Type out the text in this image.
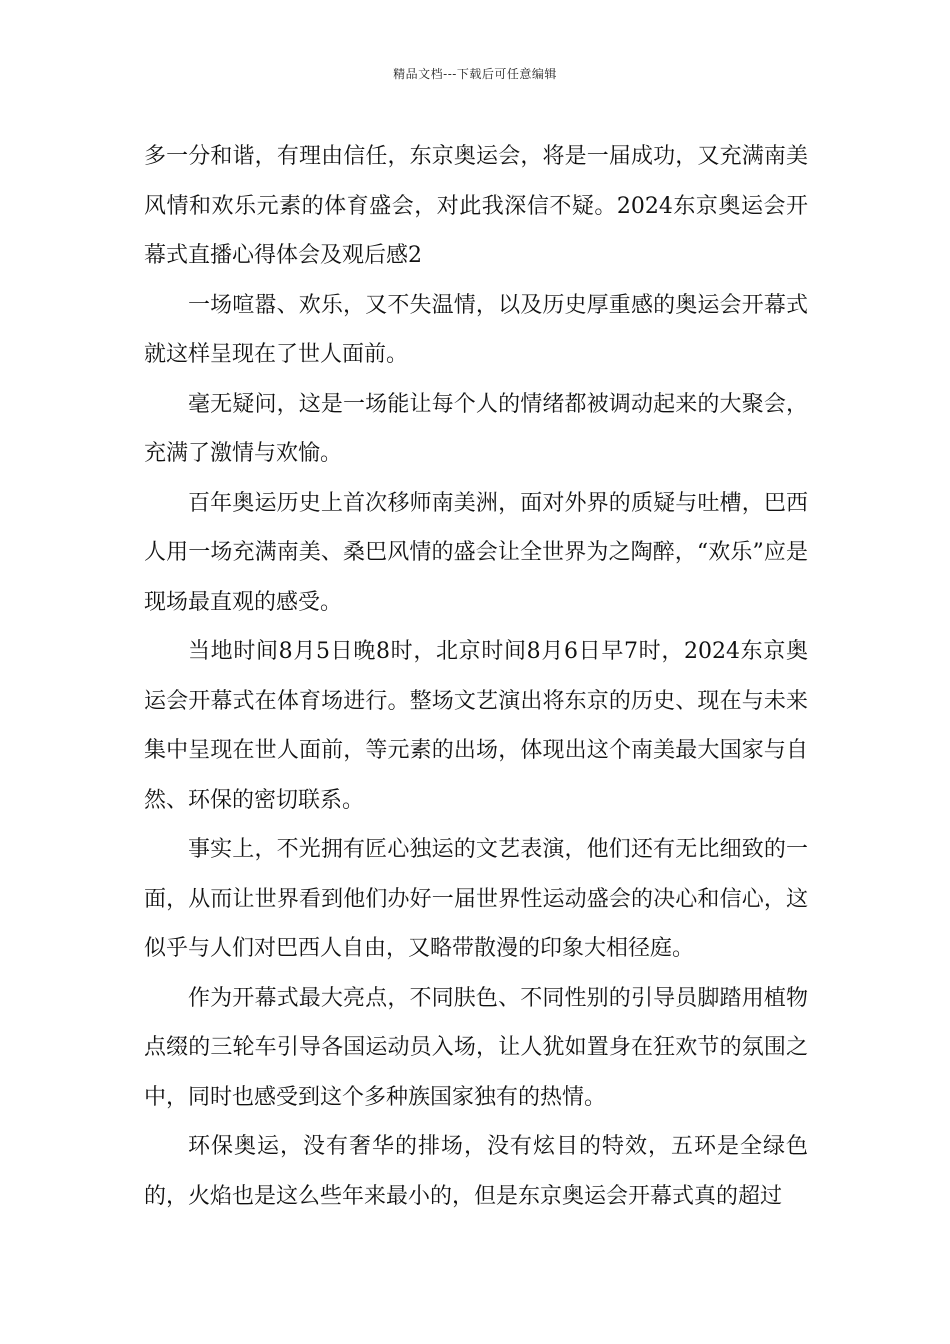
精品文档---下载后可任意编辑

多一分和谐，有理由信任，东京奥运会，将是一届成功，又充满南美风情和欢乐元素的体育盛会，对此我深信不疑。2024东京奥运会开幕式直播心得体会及观后感2

一场喧嚣、欢乐，又不失温情，以及历史厚重感的奥运会开幕式就这样呈现在了世人面前。

毫无疑问，这是一场能让每个人的情绪都被调动起来的大聚会，充满了激情与欢愉。

百年奥运历史上首次移师南美洲，面对外界的质疑与吐槽，巴西人用一场充满南美、桑巴风情的盛会让全世界为之陶醉，“欢乐”应是现场最直观的感受。

当地时间8月5日晚8时，北京时间8月6日早7时，2024东京奥运会开幕式在体育场进行。整场文艺演出将东京的历史、现在与未来集中呈现在世人面前，等元素的出场，体现出这个南美最大国家与自然、环保的密切联系。

事实上，不光拥有匠心独运的文艺表演，他们还有无比细致的一面，从而让世界看到他们办好一届世界性运动盛会的决心和信心，这似乎与人们对巴西人自由，又略带散漫的印象大相径庭。

作为开幕式最大亮点，不同肤色、不同性别的引导员脚踏用植物点缀的三轮车引导各国运动员入场，让人犹如置身在狂欢节的氛围之中，同时也感受到这个多种族国家独有的热情。

环保奥运，没有奢华的排场，没有炫目的特效，五环是全绿色的，火焰也是这么些年来最小的，但是东京奥运会开幕式真的超过
